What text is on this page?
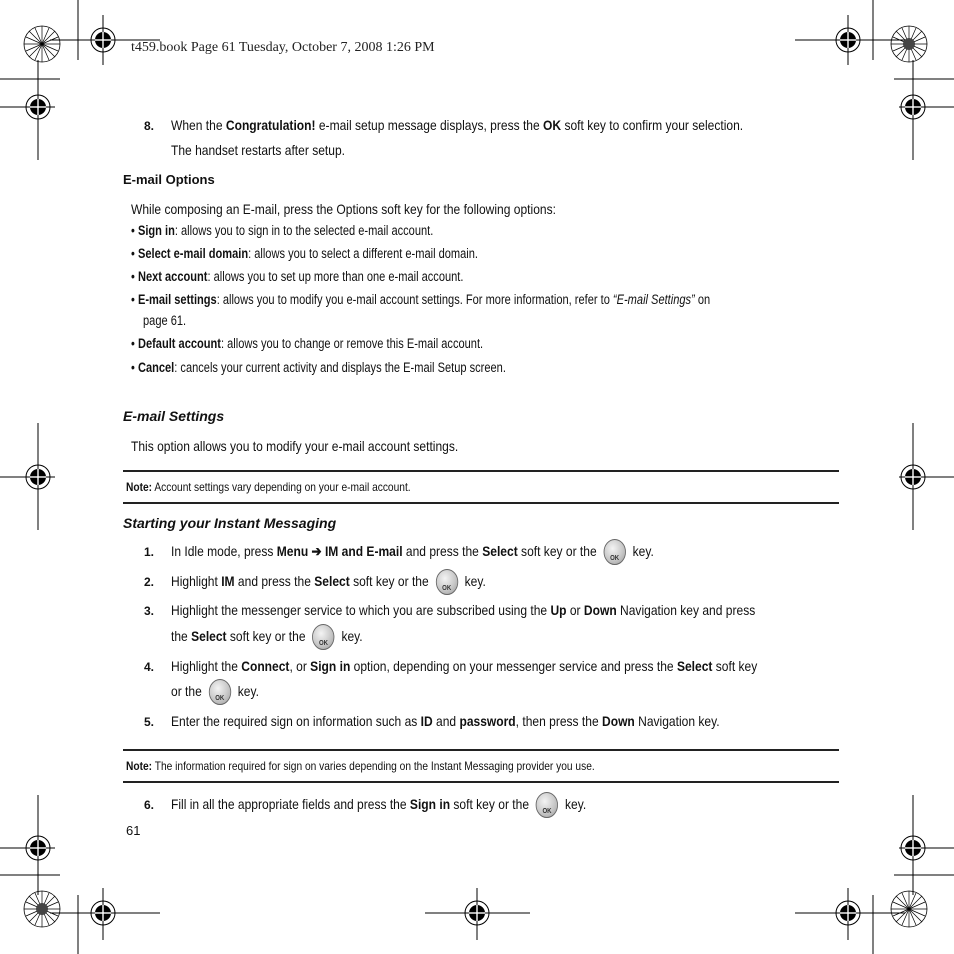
t459.book Page 61 Tuesday, October 7, 2008 1:26 PM
8. When the Congratulation! e-mail setup message displays, press the OK soft key to confirm your selection.
The handset restarts after setup.
E-mail Options
While composing an E-mail, press the Options soft key for the following options:
• Sign in: allows you to sign in to the selected e-mail account.
• Select e-mail domain: allows you to select a different e-mail domain.
• Next account: allows you to set up more than one e-mail account.
• E-mail settings: allows you to modify you e-mail account settings. For more information, refer to “E-mail Settings” on
page 61.
• Default account: allows you to change or remove this E-mail account.
• Cancel: cancels your current activity and displays the E-mail Setup screen.
E-mail Settings
This option allows you to modify your e-mail account settings.
Note: Account settings vary depending on your e-mail account.
Starting your Instant Messaging
1. In Idle mode, press Menu ➔ IM and E-mail and press the Select soft key or the OK key.
2. Highlight IM and press the Select soft key or the OK key.
3. Highlight the messenger service to which you are subscribed using the Up or Down Navigation key and press
the Select soft key or the OK key.
4. Highlight the Connect, or Sign in option, depending on your messenger service and press the Select soft key
or the OK key.
5. Enter the required sign on information such as ID and password, then press the Down Navigation key.
Note: The information required for sign on varies depending on the Instant Messaging provider you use.
6. Fill in all the appropriate fields and press the Sign in soft key or the OK key.
61
